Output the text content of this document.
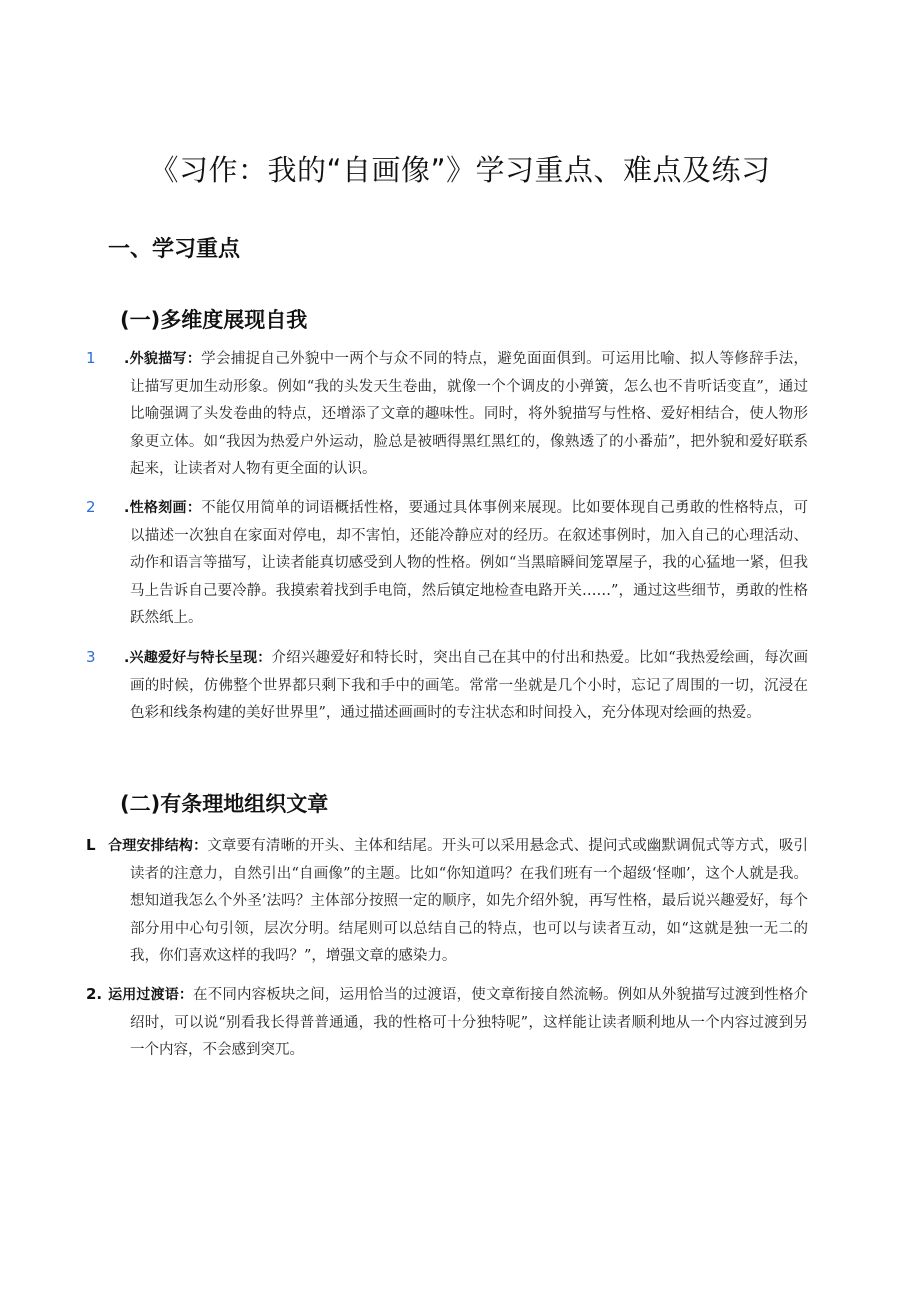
《习作：我的“自画像”》学习重点、难点及练习
一、学习重点
(一)多维度展现自我

1 .外貌描写：学会捕捉自己外貌中一两个与众不同的特点，避免面面俱到。可运用比喻、拟人等修辞手法，让描写更加生动形象。例如“我的头发天生卷曲，就像一个个调皮的小弹簧，怎么也不肯听话变直”，通过比喻强调了头发卷曲的特点，还增添了文章的趣味性。同时，将外貌描写与性格、爱好相结合，使人物形象更立体。如“我因为热爱户外运动，脸总是被晒得黑红黑红的，像熟透了的小番茄”，把外貌和爱好联系起来，让读者对人物有更全面的认识。

2 .性格刻画：不能仅用简单的词语概括性格，要通过具体事例来展现。比如要体现自己勇敢的性格特点，可以描述一次独自在家面对停电，却不害怕，还能冷静应对的经历。在叙述事例时，加入自己的心理活动、动作和语言等描写，让读者能真切感受到人物的性格。例如“当黑暗瞬间笼罩屋子，我的心猛地一紧，但我马上告诉自己要冷静。我摸索着找到手电筒，然后镇定地检查电路开关……”，通过这些细节，勇敢的性格跃然纸上。

3 .兴趣爱好与特长呈现：介绍兴趣爱好和特长时，突出自己在其中的付出和热爱。比如“我热爱绘画，每次画画的时候，仿佛整个世界都只剩下我和手中的画笔。常常一坐就是几个小时，忘记了周围的一切，沉浸在色彩和线条构建的美好世界里”，通过描述画画时的专注状态和时间投入，充分体现对绘画的热爱。

(二)有条理地组织文章

L 合理安排结构：文章要有清晰的开头、主体和结尾。开头可以采用悬念式、提问式或幽默调侃式等方式，吸引读者的注意力，自然引出“自画像”的主题。比如“你知道吗？在我们班有一个超级‘怪咖’，这个人就是我。想知道我怎么个外圣’法吗？主体部分按照一定的顺序，如先介绍外貌，再写性格，最后说兴趣爱好，每个部分用中心句引领，层次分明。结尾则可以总结自己的特点，也可以与读者互动，如“这就是独一无二的我，你们喜欢这样的我吗？”，增强文章的感染力。

2. 运用过渡语：在不同内容板块之间，运用恰当的过渡语，使文章衔接自然流畅。例如从外貌描写过渡到性格介绍时，可以说“别看我长得普普通通，我的性格可十分独特呢”，这样能让读者顺利地从一个内容过渡到另一个内容，不会感到突兀。
